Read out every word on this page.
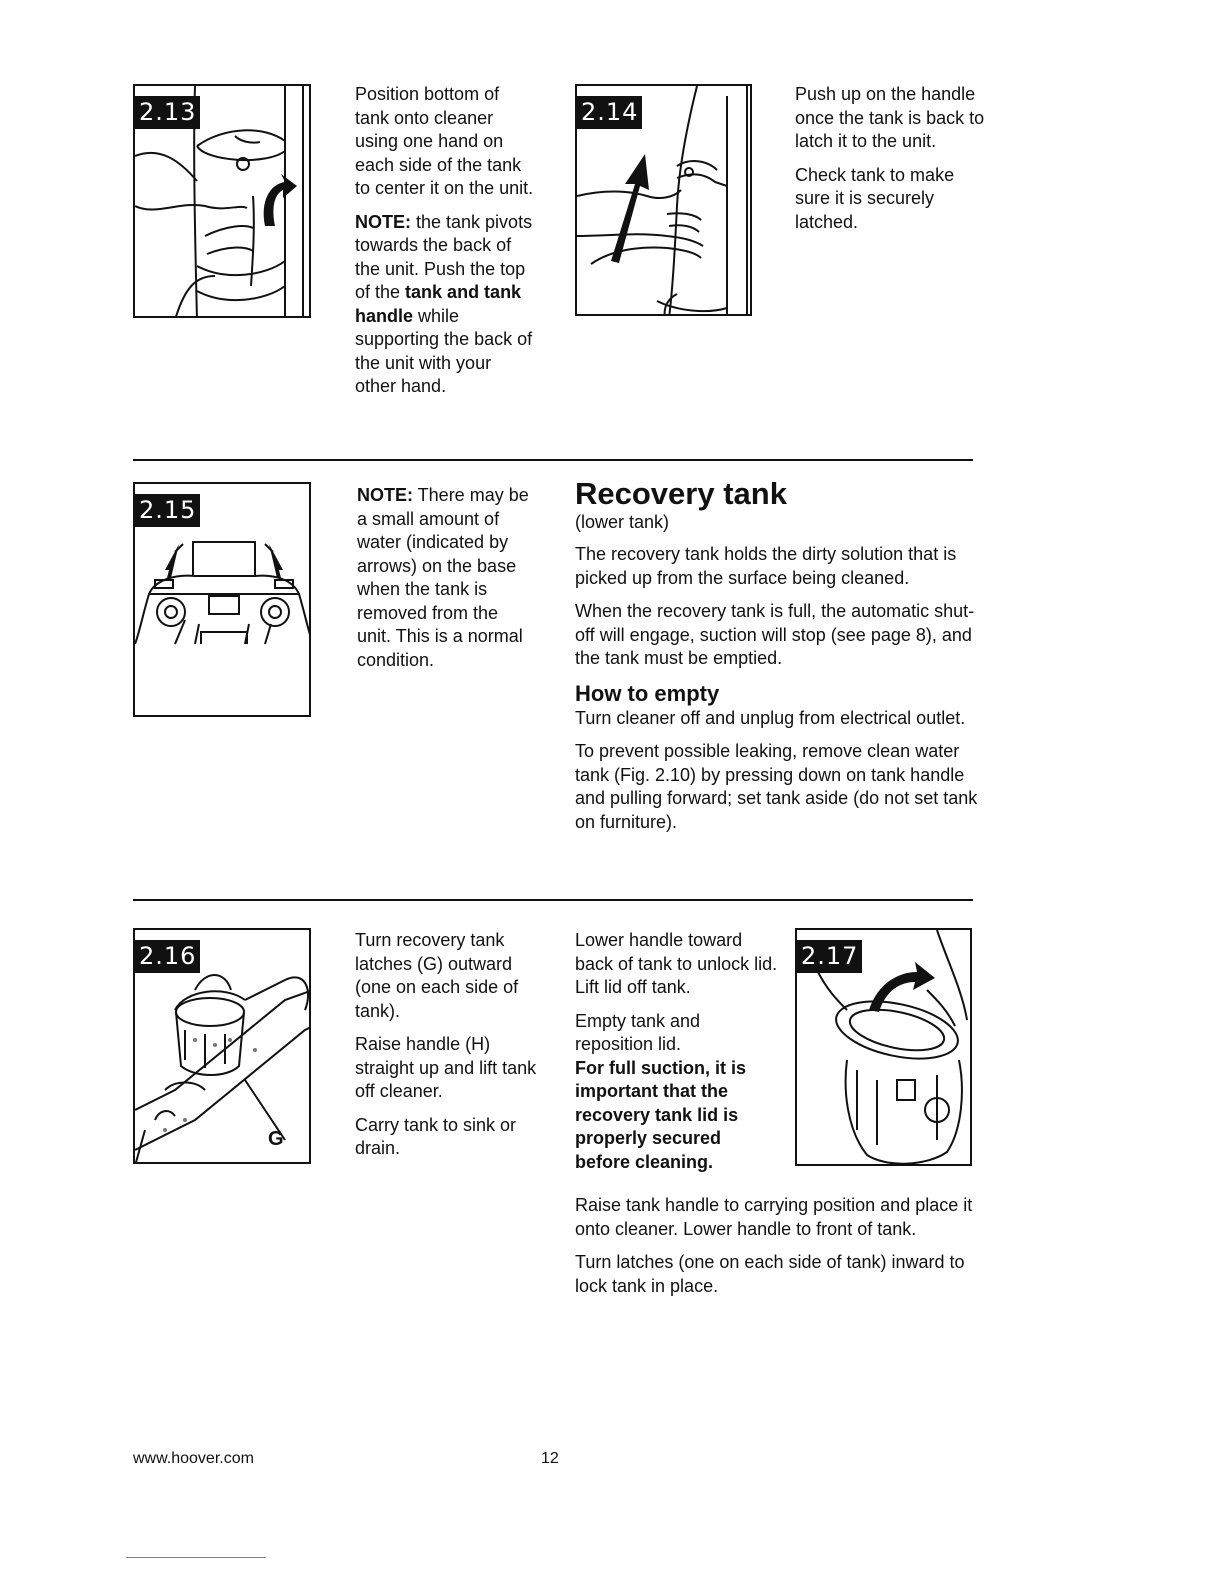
2.13

Position bottom of tank onto cleaner using one hand on each side of the tank to center it on the unit.

NOTE: the tank pivots towards the back of the unit. Push the top of the tank and tank handle while supporting the back of the unit with your other hand.

2.14

Push up on the handle once the tank is back to latch it to the unit.

Check tank to make sure it is securely latched.

2.15

NOTE: There may be a small amount of water (indicated by arrows) on the base when the tank is removed from the unit. This is a normal condition.

Recovery tank
(lower tank)

The recovery tank holds the dirty solution that is picked up from the surface being cleaned.

When the recovery tank is full, the automatic shut-off will engage, suction will stop (see page 8), and the tank must be emptied.

How to empty

Turn cleaner off and unplug from electrical outlet.

To prevent possible leaking, remove clean water tank (Fig. 2.10) by pressing down on tank handle and pulling forward; set tank aside (do not set tank on furniture).

2.16
G

Turn recovery tank latches (G) outward (one on each side of tank).

Raise handle (H) straight up and lift tank off cleaner.

Carry tank to sink or drain.

Lower handle toward back of tank to unlock lid. Lift lid off tank.

Empty tank and reposition lid.

For full suction, it is important that the recovery tank lid is properly secured before cleaning.

2.17

Raise tank handle to carrying position and place it onto cleaner. Lower handle to front of tank.

Turn latches (one on each side of tank) inward to lock tank in place.

www.hoover.com	12
